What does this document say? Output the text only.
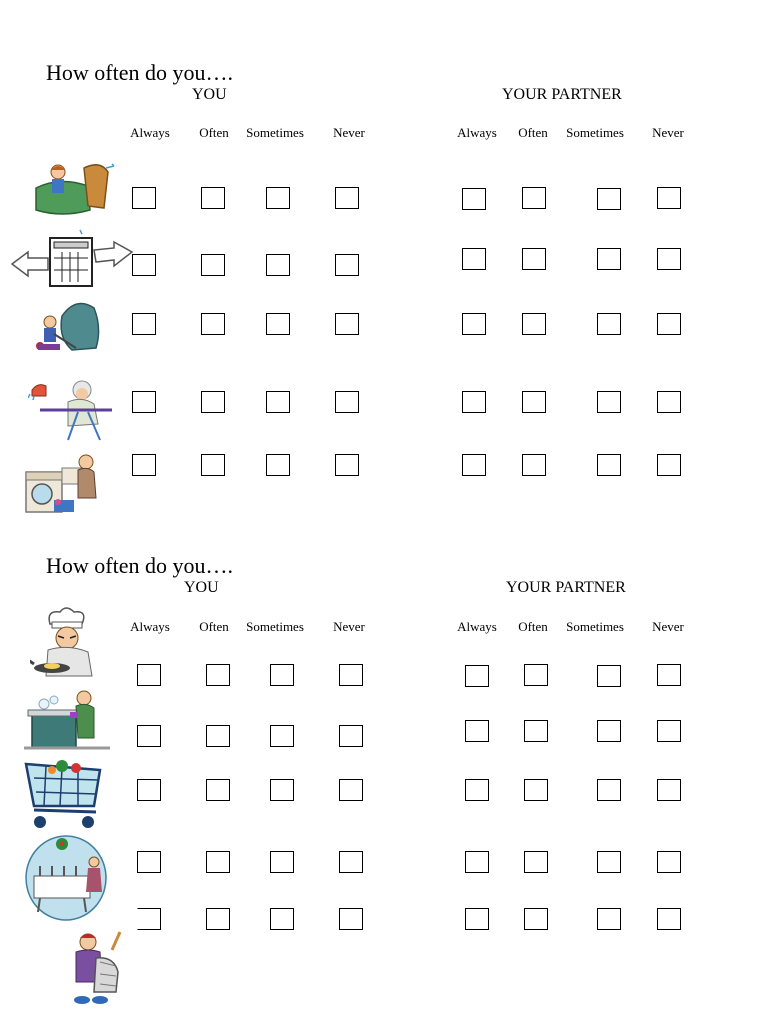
How often do you….
YOU	YOUR PARTNER
Always Often Sometimes Never	Always Often Sometimes Never
How often do you….
YOU	YOUR PARTNER
Always Often Sometimes Never	Always Often Sometimes Never
